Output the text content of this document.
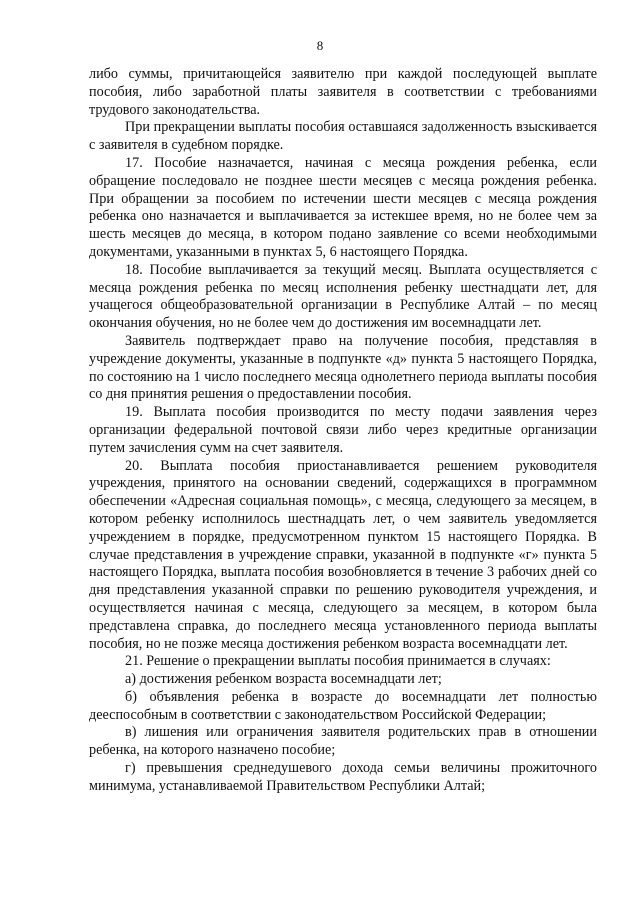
8

либо суммы, причитающейся заявителю при каждой последующей выплате пособия, либо заработной платы заявителя в соответствии с требованиями трудового законодательства.

При прекращении выплаты пособия оставшаяся задолженность взыскивается с заявителя в судебном порядке.

17. Пособие назначается, начиная с месяца рождения ребенка, если обращение последовало не позднее шести месяцев с месяца рождения ребенка. При обращении за пособием по истечении шести месяцев с месяца рождения ребенка оно назначается и выплачивается за истекшее время, но не более чем за шесть месяцев до месяца, в котором подано заявление со всеми необходимыми документами, указанными в пунктах 5, 6 настоящего Порядка.

18. Пособие выплачивается за текущий месяц. Выплата осуществляется с месяца рождения ребенка по месяц исполнения ребенку шестнадцати лет, для учащегося общеобразовательной организации в Республике Алтай – по месяц окончания обучения, но не более чем до достижения им восемнадцати лет.

Заявитель подтверждает право на получение пособия, представляя в учреждение документы, указанные в подпункте «д» пункта 5 настоящего Порядка, по состоянию на 1 число последнего месяца однолетнего периода выплаты пособия со дня принятия решения о предоставлении пособия.

19. Выплата пособия производится по месту подачи заявления через организации федеральной почтовой связи либо через кредитные организации путем зачисления сумм на счет заявителя.

20. Выплата пособия приостанавливается решением руководителя учреждения, принятого на основании сведений, содержащихся в программном обеспечении «Адресная социальная помощь», с месяца, следующего за месяцем, в котором ребенку исполнилось шестнадцать лет, о чем заявитель уведомляется учреждением в порядке, предусмотренном пунктом 15 настоящего Порядка. В случае представления в учреждение справки, указанной в подпункте «г» пункта 5 настоящего Порядка, выплата пособия возобновляется в течение 3 рабочих дней со дня представления указанной справки по решению руководителя учреждения, и осуществляется начиная с месяца, следующего за месяцем, в котором была представлена справка, до последнего месяца установленного периода выплаты пособия, но не позже месяца достижения ребенком возраста восемнадцати лет.

21. Решение о прекращении выплаты пособия принимается в случаях:

а) достижения ребенком возраста восемнадцати лет;

б) объявления ребенка в возрасте до восемнадцати лет полностью дееспособным в соответствии с законодательством Российской Федерации;

в) лишения или ограничения заявителя родительских прав в отношении ребенка, на которого назначено пособие;

г) превышения среднедушевого дохода семьи величины прожиточного минимума, устанавливаемой Правительством Республики Алтай;
